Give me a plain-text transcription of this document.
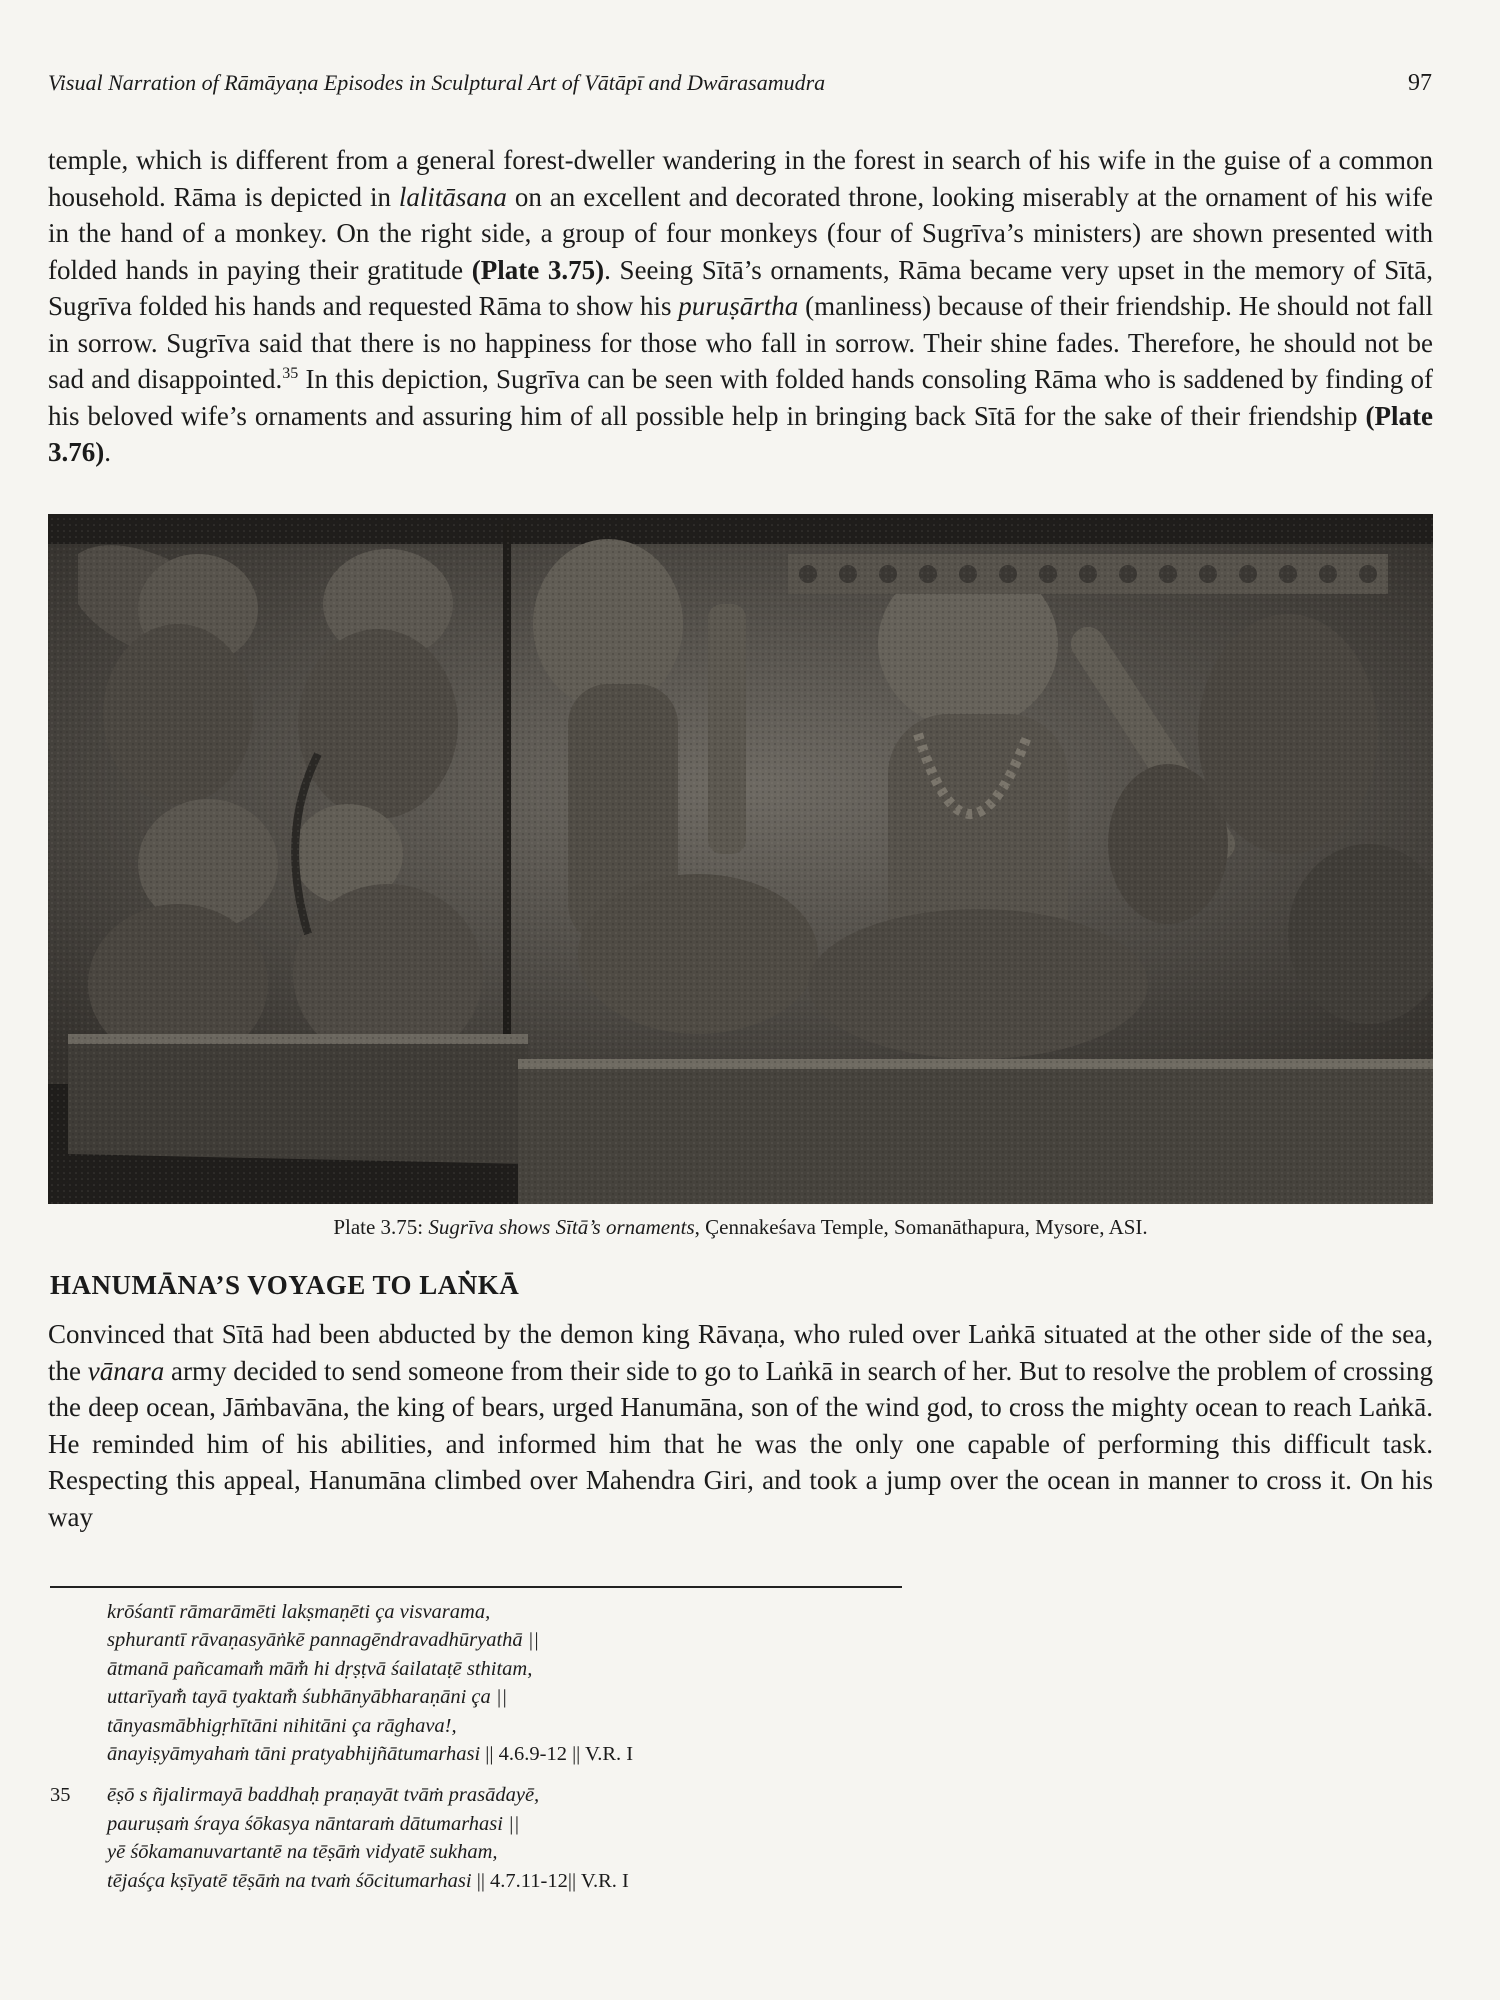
Visual Narration of Rāmāyaṇa Episodes in Sculptural Art of Vātāpī and Dwārasamudra	97

temple, which is different from a general forest-dweller wandering in the forest in search of his wife in the guise of a common household. Rāma is depicted in lalitāsana on an excellent and decorated throne, looking miserably at the ornament of his wife in the hand of a monkey. On the right side, a group of four monkeys (four of Sugrīva’s ministers) are shown presented with folded hands in paying their gratitude (Plate 3.75). Seeing Sītā’s ornaments, Rāma became very upset in the memory of Sītā, Sugrīva folded his hands and requested Rāma to show his puruṣārtha (manliness) because of their friendship. He should not fall in sorrow. Sugrīva said that there is no happiness for those who fall in sorrow. Their shine fades. Therefore, he should not be sad and disappointed.$^{35}$ In this depiction, Sugrīva can be seen with folded hands consoling Rāma who is saddened by finding of his beloved wife’s ornaments and assuring him of all possible help in bringing back Sītā for the sake of their friendship (Plate 3.76).

Plate 3.75: Sugrīva shows Sītā’s ornaments, Çennakeśava Temple, Somanāthapura, Mysore, ASI.
HANUMĀNA’S VOYAGE TO LAṄKĀ

Convinced that Sītā had been abducted by the demon king Rāvaṇa, who ruled over Laṅkā situated at the other side of the sea, the vānara army decided to send someone from their side to go to Laṅkā in search of her. But to resolve the problem of crossing the deep ocean, Jāṁbavāna, the king of bears, urged Hanumāna, son of the wind god, to cross the mighty ocean to reach Laṅkā. He reminded him of his abilities, and informed him that he was the only one capable of performing this difficult task. Respecting this appeal, Hanumāna climbed over Mahendra Giri, and took a jump over the ocean in manner to cross it. On his way

krōśantī rāmarāmēti lakṣmaṇēti ça visvarama,
sphurantī rāvaṇasyāṅkē pannagēndravadhūryathā ||
ātmanā pañcamam̐ mām̐ hi dṛṣṭvā śailataṭē sthitam,
uttarīyam̐ tayā tyaktam̐ śubhānyābharaṇāni ça ||
tānyasmābhigṛhītāni nihitāni ça rāghava!,
ānayiṣyāmyahaṁ tāni pratyabhijñātumarhasi || 4.6.9-12 || V.R. I
35 ēṣō s ñjalirmayā baddhaḥ praṇayāt tvāṁ prasādayē,
pauruṣaṁ śraya śōkasya nāntaraṁ dātumarhasi ||
yē śōkamanuvartantē na tēṣāṁ vidyatē sukham,
tējaśça kṣīyatē tēṣāṁ na tvaṁ śōcitumarhasi || 4.7.11-12|| V.R. I
